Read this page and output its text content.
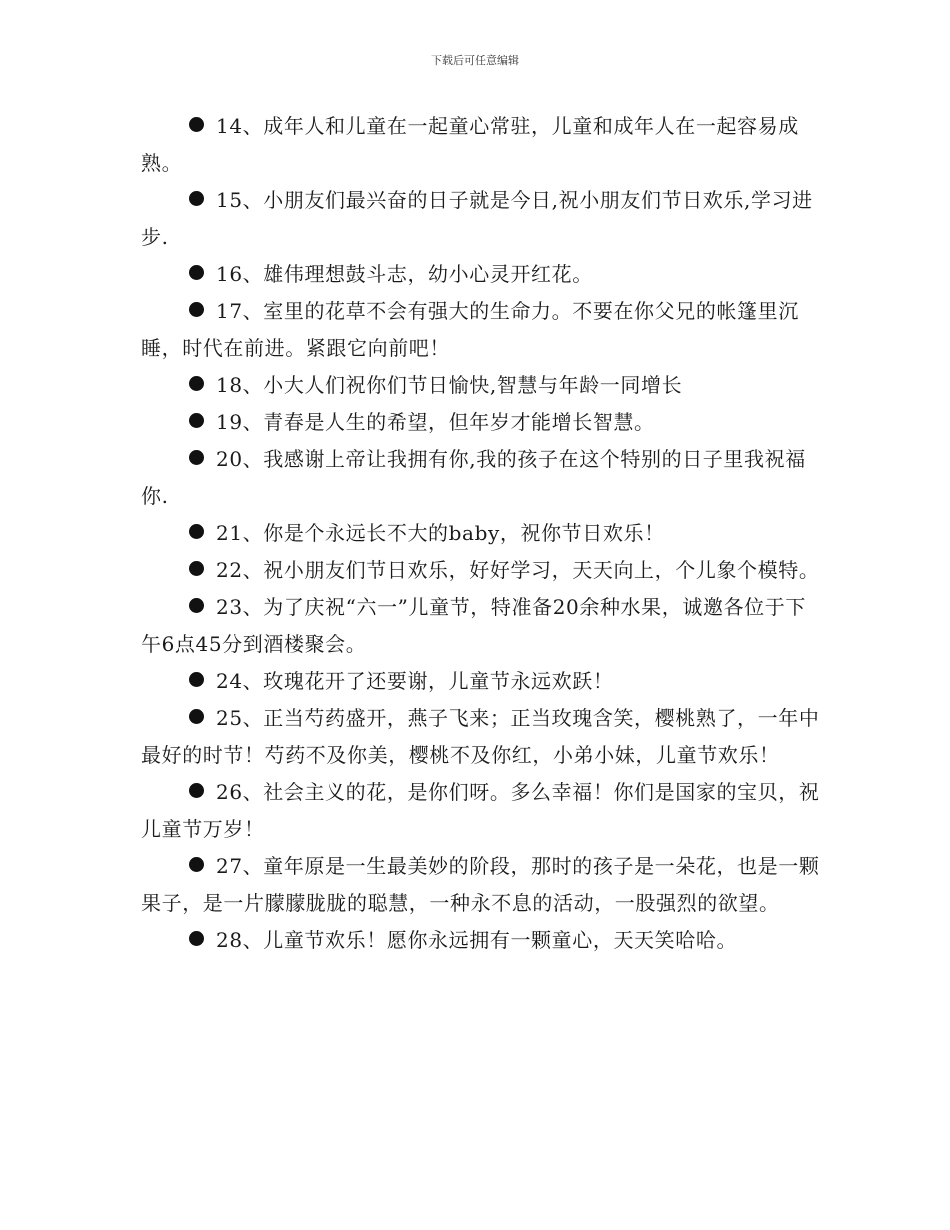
下载后可任意编辑

14、成年人和儿童在一起童心常驻，儿童和成年人在一起容易成熟。

15、小朋友们最兴奋的日子就是今日,祝小朋友们节日欢乐,学习进步.

16、雄伟理想鼓斗志，幼小心灵开红花。

17、室里的花草不会有强大的生命力。不要在你父兄的帐篷里沉睡，时代在前进。紧跟它向前吧！

18、小大人们祝你们节日愉快,智慧与年龄一同增长

19、青春是人生的希望，但年岁才能增长智慧。

20、我感谢上帝让我拥有你,我的孩子在这个特别的日子里我祝福你.

21、你是个永远长不大的baby，祝你节日欢乐！

22、祝小朋友们节日欢乐，好好学习，天天向上，个儿象个模特。

23、为了庆祝“六一”儿童节，特准备20余种水果，诚邀各位于下午6点45分到酒楼聚会。

24、玫瑰花开了还要谢，儿童节永远欢跃！

25、正当芍药盛开，燕子飞来；正当玫瑰含笑，樱桃熟了，一年中最好的时节！芍药不及你美，樱桃不及你红，小弟小妹，儿童节欢乐！

26、社会主义的花，是你们呀。多么幸福！你们是国家的宝贝，祝儿童节万岁！

27、童年原是一生最美妙的阶段，那时的孩子是一朵花，也是一颗果子，是一片朦朦胧胧的聪慧，一种永不息的活动，一股强烈的欲望。

28、儿童节欢乐！愿你永远拥有一颗童心，天天笑哈哈。
